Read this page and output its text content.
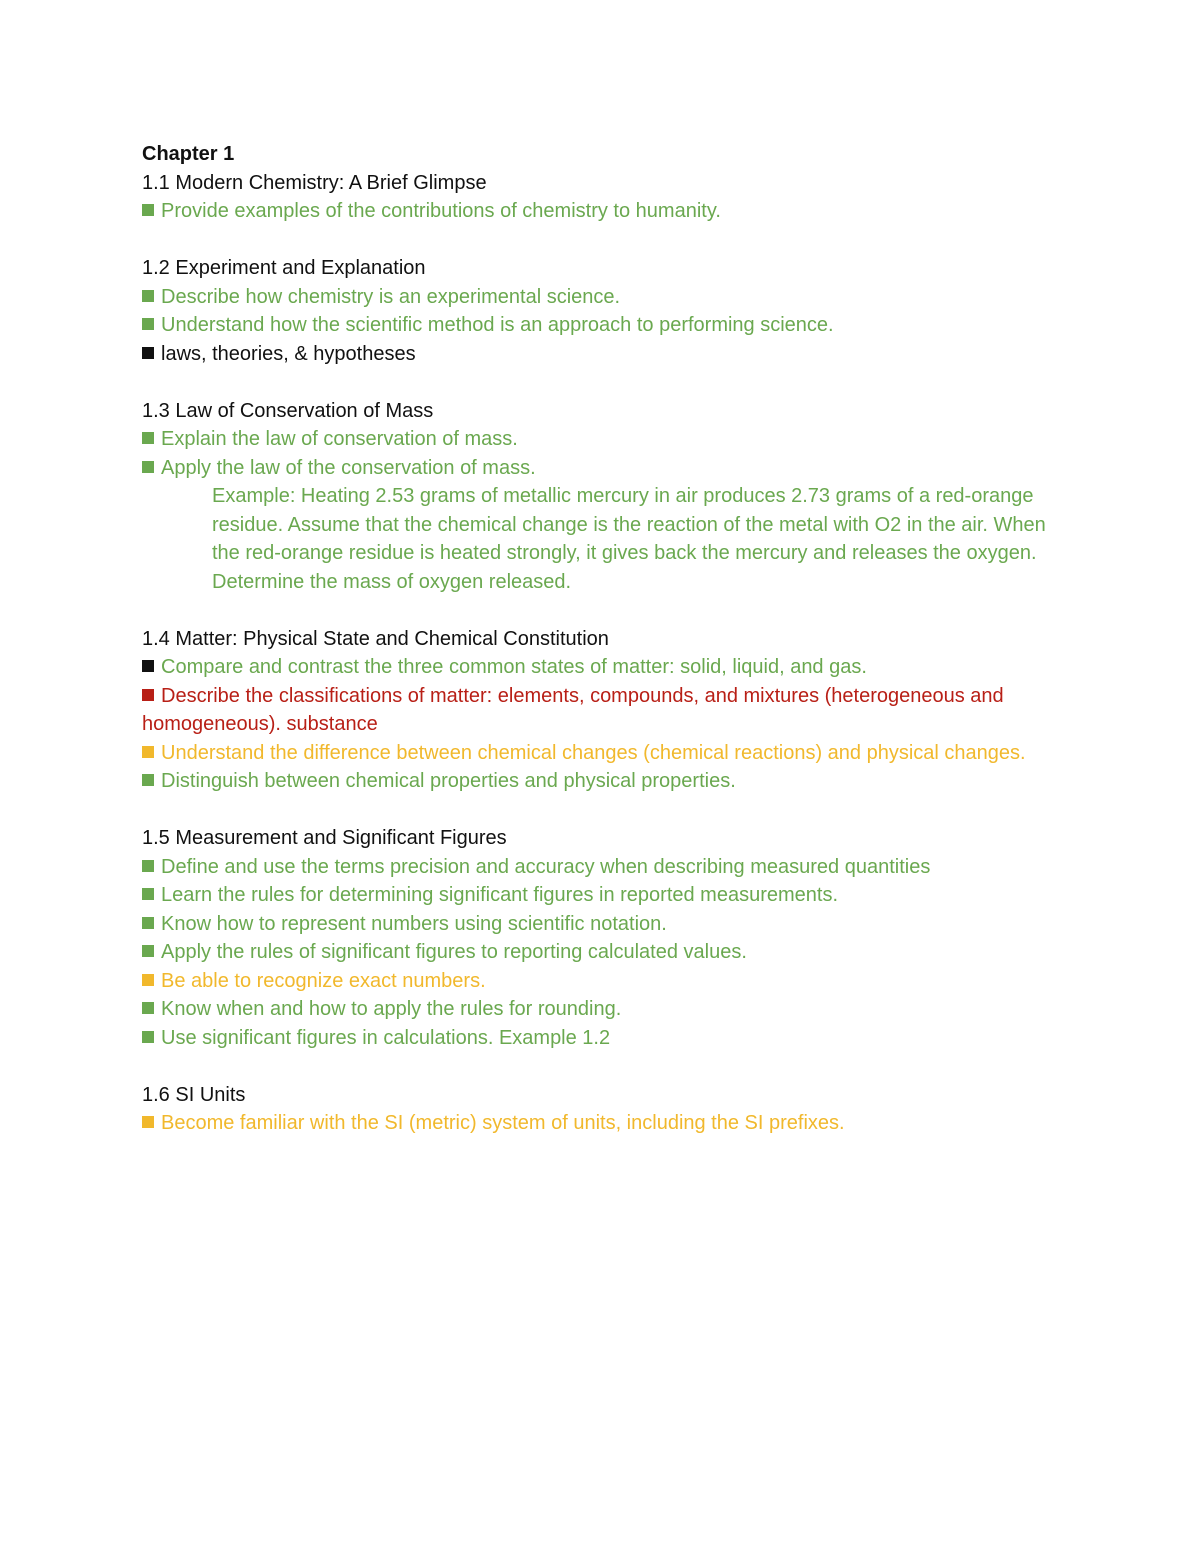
Chapter 1
1.1 Modern Chemistry: A Brief Glimpse
Provide examples of the contributions of chemistry to humanity.
1.2 Experiment and Explanation
Describe how chemistry is an experimental science.
Understand how the scientific method is an approach to performing science.
laws, theories, & hypotheses
1.3 Law of Conservation of Mass
Explain the law of conservation of mass.
Apply the law of the conservation of mass.
Example: Heating 2.53 grams of metallic mercury in air produces 2.73 grams of a red-orange residue. Assume that the chemical change is the reaction of the metal with O2 in the air. When the red-orange residue is heated strongly, it gives back the mercury and releases the oxygen. Determine the mass of oxygen released.
1.4 Matter: Physical State and Chemical Constitution
Compare and contrast the three common states of matter: solid, liquid, and gas.
Describe the classifications of matter: elements, compounds, and mixtures (heterogeneous and homogeneous). substance
Understand the difference between chemical changes (chemical reactions) and physical changes.
Distinguish between chemical properties and physical properties.
1.5 Measurement and Significant Figures
Define and use the terms precision and accuracy when describing measured quantities
Learn the rules for determining significant figures in reported measurements.
Know how to represent numbers using scientific notation.
Apply the rules of significant figures to reporting calculated values.
Be able to recognize exact numbers.
Know when and how to apply the rules for rounding.
Use significant figures in calculations. Example 1.2
1.6 SI Units
Become familiar with the SI (metric) system of units, including the SI prefixes.
